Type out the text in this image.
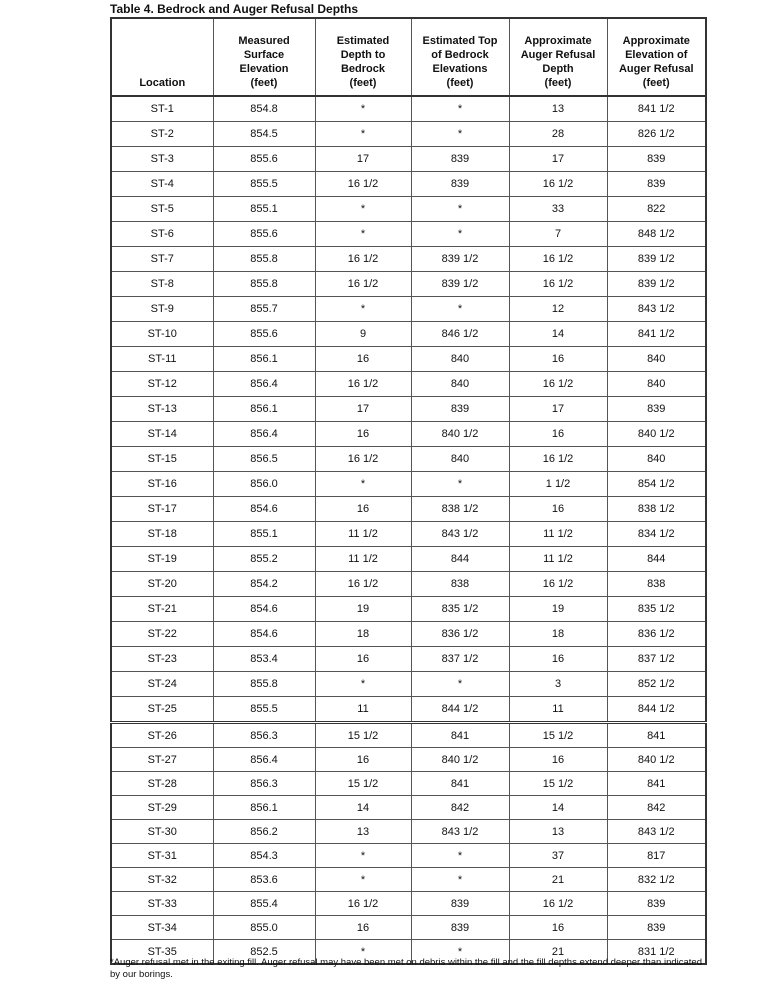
Table 4. Bedrock and Auger Refusal Depths
Location	Measured
Surface
Elevation
(feet)	Estimated
Depth to
Bedrock
(feet)	Estimated Top
of Bedrock
Elevations
(feet)	Approximate
Auger Refusal
Depth
(feet)	Approximate
Elevation of
Auger Refusal
(feet)

ST-1	854.8	*	*	13	841 1/2
ST-2	854.5	*	*	28	826 1/2
ST-3	855.6	17	839	17	839
ST-4	855.5	16 1/2	839	16 1/2	839
ST-5	855.1	*	*	33	822
ST-6	855.6	*	*	7	848 1/2
ST-7	855.8	16 1/2	839 1/2	16 1/2	839 1/2
ST-8	855.8	16 1/2	839 1/2	16 1/2	839 1/2
ST-9	855.7	*	*	12	843 1/2
ST-10	855.6	9	846 1/2	14	841 1/2
ST-11	856.1	16	840	16	840
ST-12	856.4	16 1/2	840	16 1/2	840
ST-13	856.1	17	839	17	839
ST-14	856.4	16	840 1/2	16	840 1/2
ST-15	856.5	16 1/2	840	16 1/2	840
ST-16	856.0	*	*	1 1/2	854 1/2
ST-17	854.6	16	838 1/2	16	838 1/2
ST-18	855.1	11 1/2	843 1/2	11 1/2	834 1/2
ST-19	855.2	11 1/2	844	11 1/2	844
ST-20	854.2	16 1/2	838	16 1/2	838
ST-21	854.6	19	835 1/2	19	835 1/2
ST-22	854.6	18	836 1/2	18	836 1/2
ST-23	853.4	16	837 1/2	16	837 1/2
ST-24	855.8	*	*	3	852 1/2
ST-25	855.5	11	844 1/2	11	844 1/2
ST-26	856.3	15 1/2	841	15 1/2	841
ST-27	856.4	16	840 1/2	16	840 1/2
ST-28	856.3	15 1/2	841	15 1/2	841
ST-29	856.1	14	842	14	842
ST-30	856.2	13	843 1/2	13	843 1/2
ST-31	854.3	*	*	37	817
ST-32	853.6	*	*	21	832 1/2
ST-33	855.4	16 1/2	839	16 1/2	839
ST-34	855.0	16	839	16	839
ST-35	852.5	*	*	21	831 1/2
*Auger refusal met in the exiting fill. Auger refusal may have been met on debris within the fill and the fill depths extend deeper than indicated by our borings.
